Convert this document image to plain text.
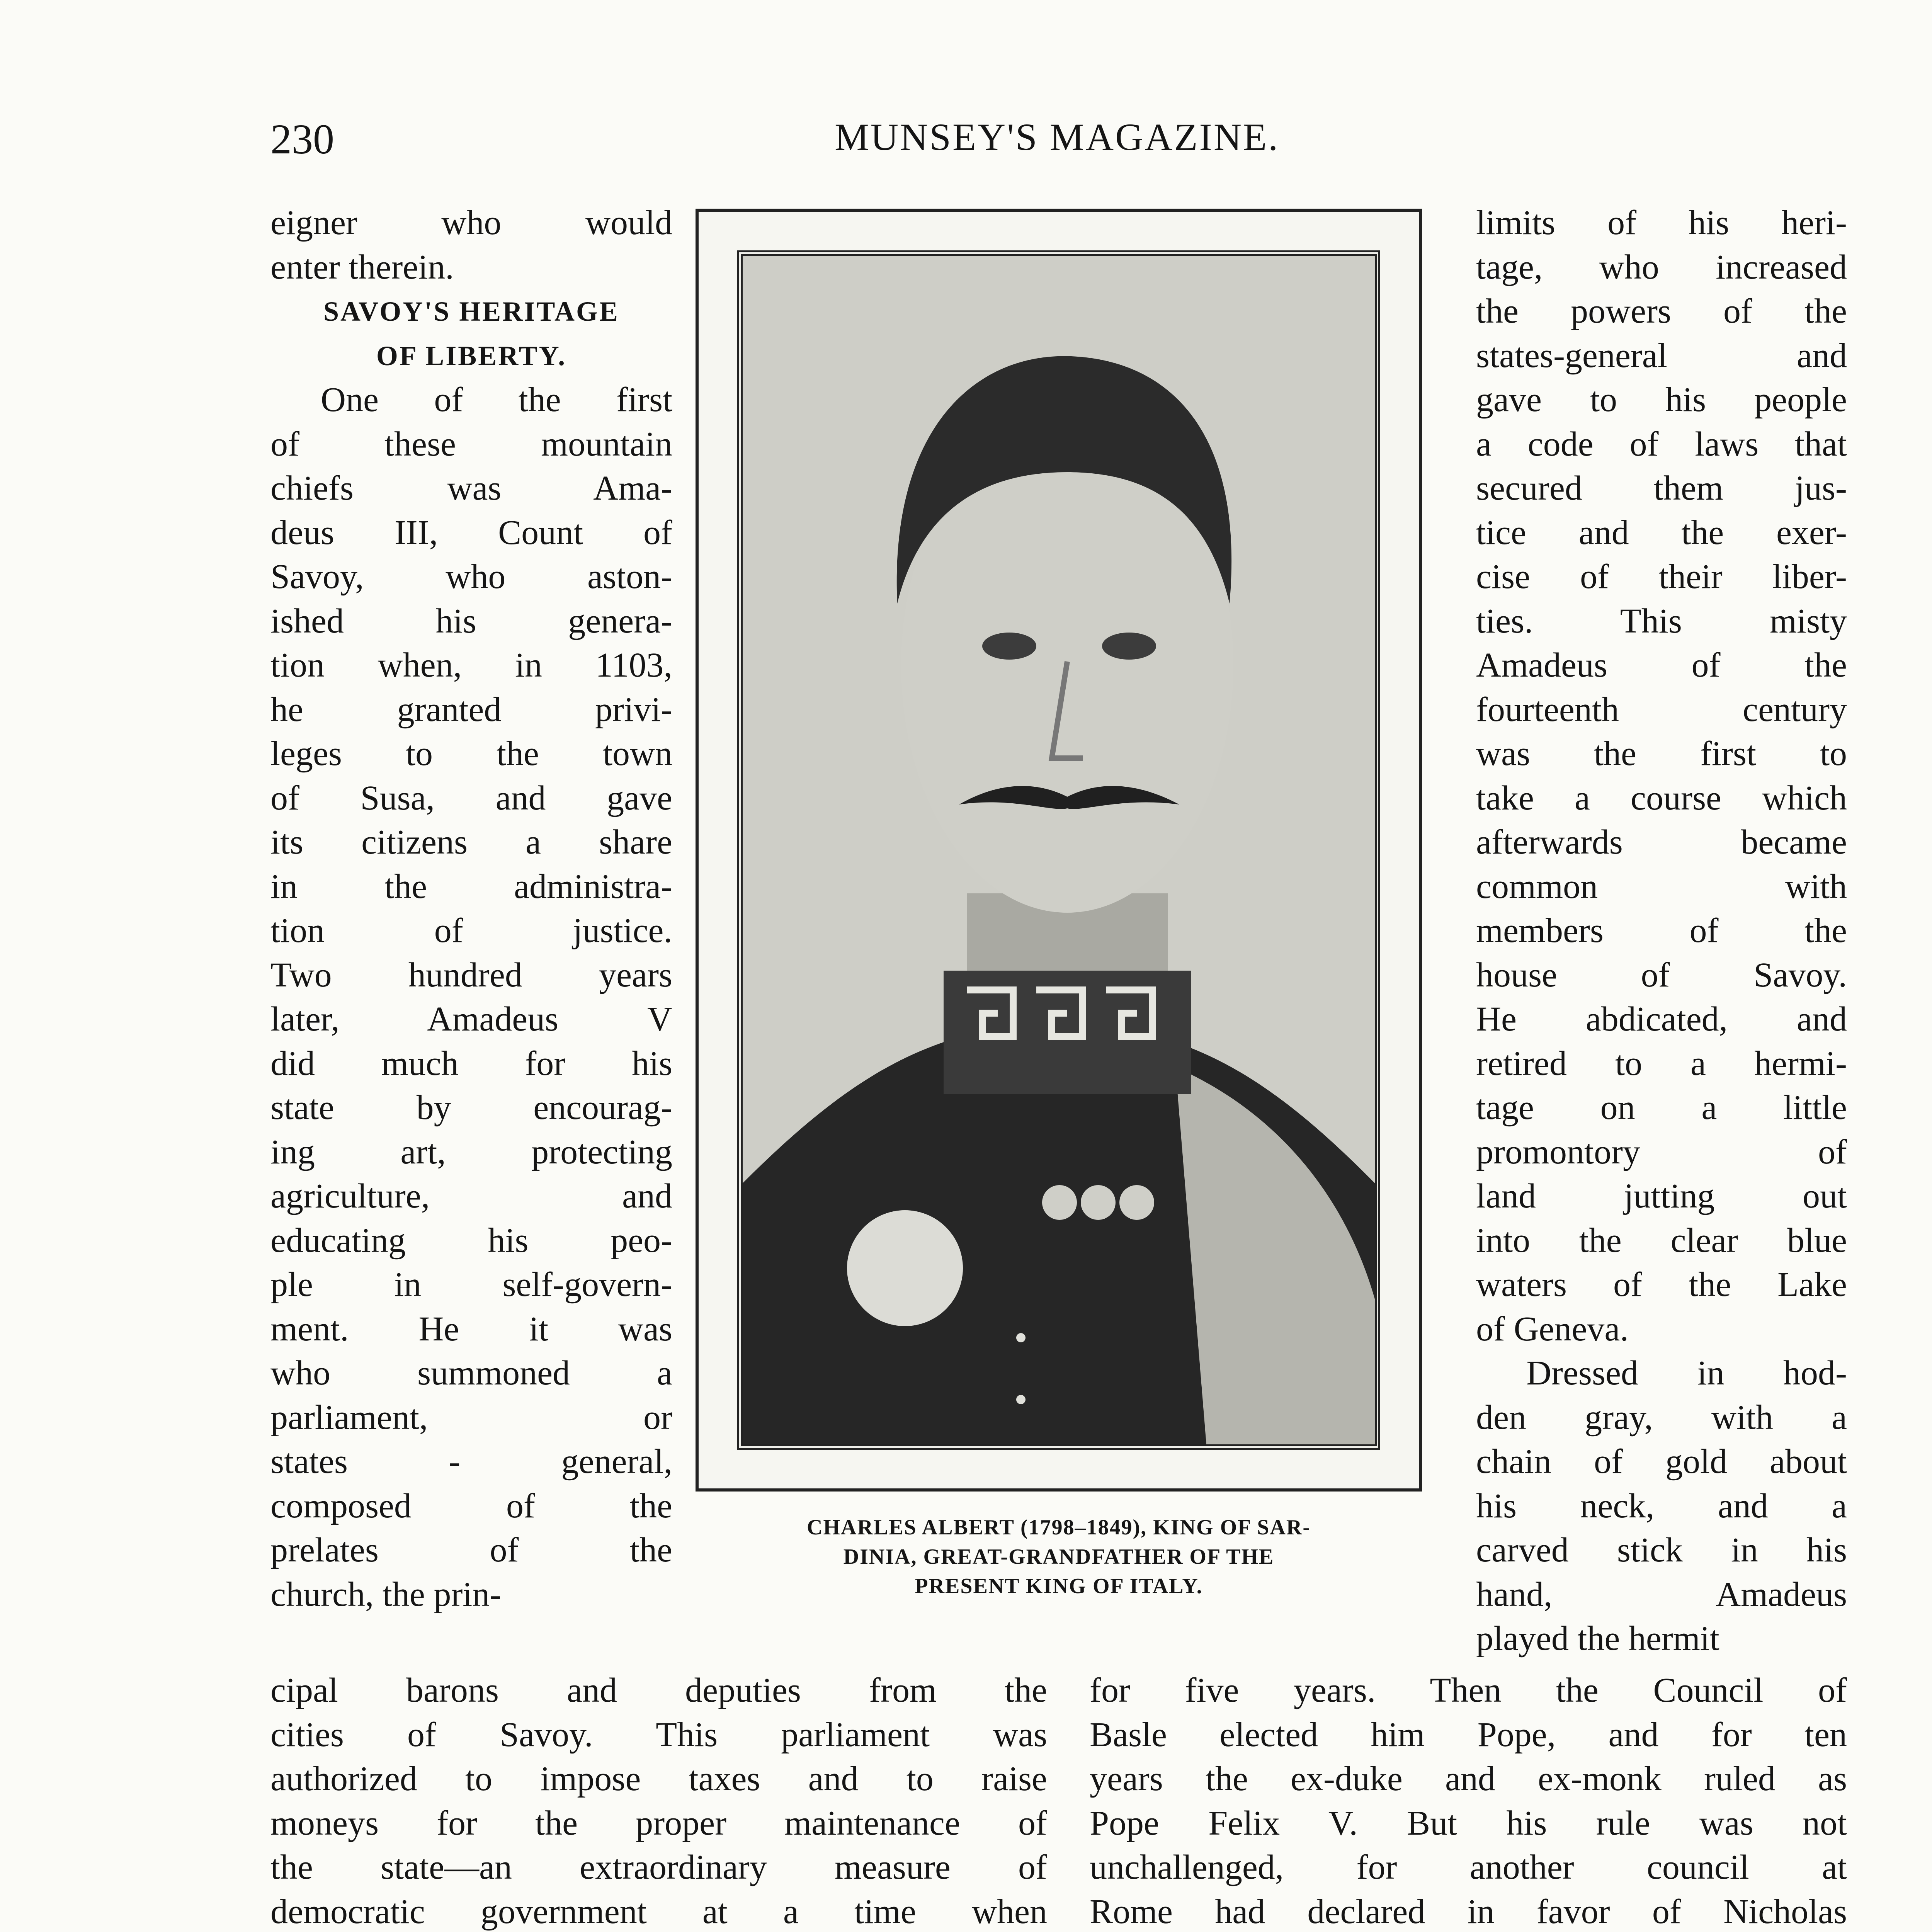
230	MUNSEY'S MAGAZINE.
eigner who would
enter therein.
SAVOY'S HERITAGE
OF LIBERTY.
One of the first
of these mountain
chiefs was Ama-
deus III, Count of
Savoy, who aston-
ished his genera-
tion when, in 1103,
he granted privi-
leges to the town
of Susa, and gave
its citizens a share
in the administra-
tion of justice.
Two hundred years
later, Amadeus V
did much for his
state by encourag-
ing art, protecting
agriculture, and
educating his peo-
ple in self-govern-
ment. He it was
who summoned a
parliament, or
states - general,
composed of the
prelates of the
church, the prin-
CHARLES ALBERT (1798–1849), KING OF SAR-
DINIA, GREAT-GRANDFATHER OF THE
PRESENT KING OF ITALY.
limits of his heri-
tage, who increased
the powers of the
states-general and
gave to his people
a code of laws that
secured them jus-
tice and the exer-
cise of their liber-
ties. This misty
Amadeus of the
fourteenth century
was the first to
take a course which
afterwards became
common with
members of the
house of Savoy.
He abdicated, and
retired to a hermi-
tage on a little
promontory of
land jutting out
into the clear blue
waters of the Lake
of Geneva.
Dressed in hod-
den gray, with a
chain of gold about
his neck, and a
carved stick in his
hand, Amadeus
played the hermit
cipal barons and deputies from the
cities of Savoy. This parliament was
authorized to impose taxes and to raise
moneys for the proper maintenance of
the state—an extraordinary measure of
democratic government at a time when
for five years. Then the Council of
Basle elected him Pope, and for ten
years the ex-duke and ex-monk ruled as
Pope Felix V. But his rule was not
unchallenged, for another council at
Rome had declared in favor of Nicholas
